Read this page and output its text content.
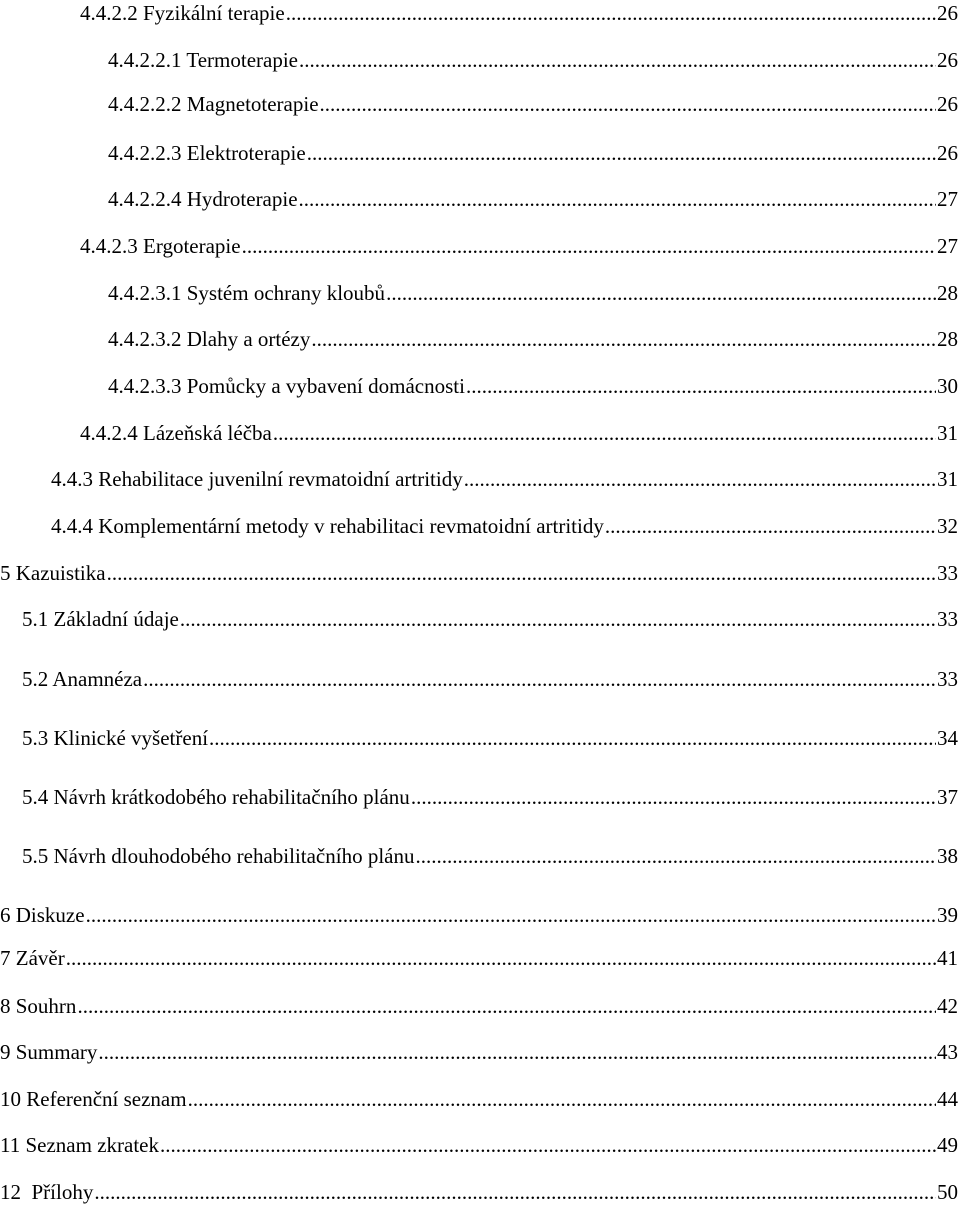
4.4.2.2 Fyzikální terapie .....	26
4.4.2.2.1 Termoterapie .....	26
4.4.2.2.2 Magnetoterapie .....	26
4.4.2.2.3 Elektroterapie .....	26
4.4.2.2.4 Hydroterapie .....	27
4.4.2.3 Ergoterapie .....	27
4.4.2.3.1 Systém ochrany kloubů .....	28
4.4.2.3.2 Dlahy a ortézy .....	28
4.4.2.3.3 Pomůcky a vybavení domácnosti .....	30
4.4.2.4 Lázeňská léčba .....	31
4.4.3 Rehabilitace juvenilní revmatoidní artritidy .....	31
4.4.4 Komplementární metody v rehabilitaci revmatoidní artritidy .....	32
5 Kazuistika .....	33
5.1 Základní údaje .....	33
5.2 Anamnéza .....	33
5.3 Klinické vyšetření .....	34
5.4 Návrh krátkodobého rehabilitačního plánu .....	37
5.5 Návrh dlouhodobého rehabilitačního plánu .....	38
6 Diskuze .....	39
7 Závěr .....	41
8 Souhrn .....	42
9 Summary .....	43
10 Referenční seznam .....	44
11 Seznam zkratek .....	49
12  Přílohy .....	50
